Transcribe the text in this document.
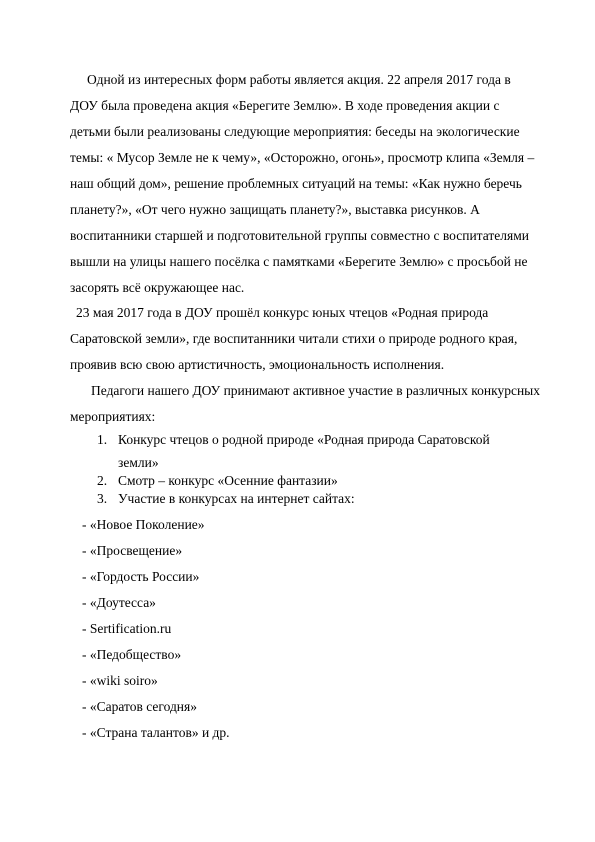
Одной из интересных форм работы является акция. 22 апреля 2017 года в

ДОУ была проведена акция «Берегите Землю». В ходе проведения акции с

детьми были реализованы следующие мероприятия: беседы на экологические

темы: « Мусор Земле не к чему», «Осторожно, огонь», просмотр клипа «Земля –

наш общий дом», решение проблемных ситуаций на темы: «Как нужно беречь

планету?», «От чего нужно защищать планету?», выставка рисунков. А

воспитанники старшей и подготовительной группы совместно с воспитателями

вышли на улицы нашего посёлка с памятками «Берегите Землю» с просьбой не

засорять всё окружающее нас.

23 мая 2017 года в ДОУ прошёл конкурс юных чтецов «Родная природа

Саратовской земли», где воспитанники читали стихи о природе родного края,

проявив всю свою артистичность, эмоциональность исполнения.

Педагоги нашего ДОУ принимают активное участие в различных конкурсных

мероприятиях:

1. Конкурс чтецов о родной природе «Родная природа Саратовской
земли»
2. Смотр – конкурс «Осенние фантазии»
3. Участие в конкурсах на интернет сайтах:
- «Новое Поколение»
- «Просвещение»
- «Гордость России»
- «Доутесса»
- Sertification.ru
- «Педобщество»
- «wiki soiro»
- «Саратов сегодня»
- «Страна талантов» и др.
